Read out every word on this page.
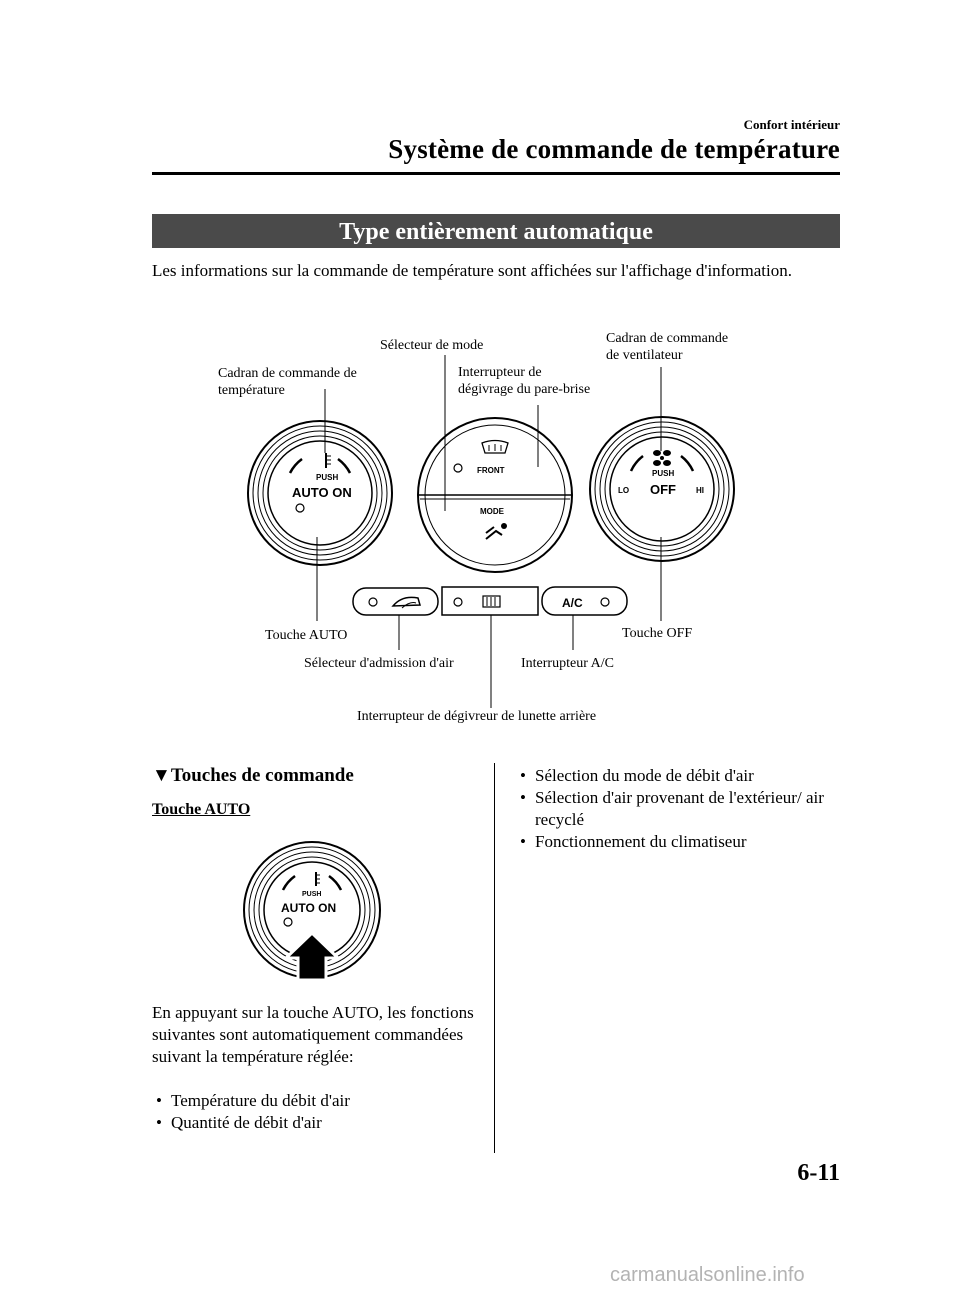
Confort intérieur
Système de commande de température
Type entièrement automatique
Les informations sur la commande de température sont affichées sur l'affichage d'information.
PUSH
AUTO ON
FRONT
MODE
PUSH
LO OFF	HI
A/C
Cadran de commande de
température
Sélecteur de mode
Interrupteur de
dégivrage du pare-brise
Cadran de commande
de ventilateur
Touche AUTO	Touche OFF
Sélecteur d'admission d'air	Interrupteur A/C
Interrupteur de dégivreur de lunette arrière
▼Touches de commande
Touche AUTO
PUSH
AUTO ON
En appuyant sur la touche AUTO, les fonctions suivantes sont automatiquement commandées suivant la température réglée:
• Température du débit d'air
• Quantité de débit d'air
• Sélection du mode de débit d'air
• Sélection d'air provenant de l'extérieur/ air recyclé
• Fonctionnement du climatiseur
6-11
carmanualsonline.info
